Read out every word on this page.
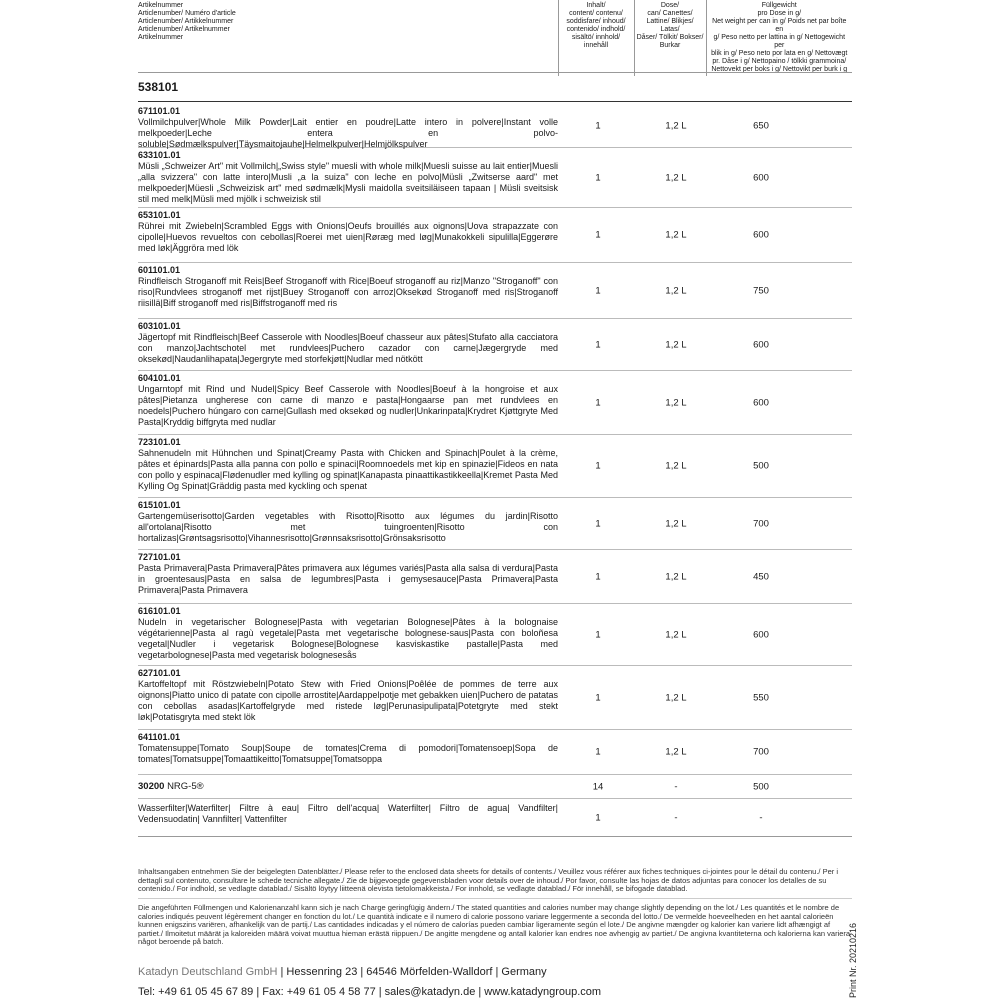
Artikelnummer
Articlenumber/ Numéro d'article
Articlenumber/ Artikkelnummer
Articlenumber/ Artikelnummer
Artikelnummer

Inhalt/
content/ contenu/
soddisfare/ inhoud/
contenido/ indhold/
sisältö/ innhold/ innehåll

Dose/
can/ Canettes/
Lattine/ Blikjes/ Latas/
Dåser/ Tölkit/ Bokser/
Burkar

Füllgewicht
pro Dose in g/
Net weight per can in g/ Poids net par boîte en
g/ Peso netto per lattina in g/ Nettogewicht per
blik in g/ Peso neto por lata en g/ Nettovægt
pr. Dåse i g/ Nettopaino / tölkki grammoina/
Nettovekt per boks i g/ Nettovikt per burk i g
538101
671101.01
Vollmilchpulver|Whole Milk Powder|Lait entier en poudre|Latte intero in polvere|Instant volle melkpoeder|Leche entera en polvo-soluble|Sødmælkspulver|Täysmaitojauhe|Helmelkpulver|Helmjölkspulver
1	1,2 L	650
633101.01
Müsli „Schweizer Art" mit Vollmilch|„Swiss style" muesli with whole milk|Muesli suisse au lait entier|Muesli „alla svizzera" con latte intero|Musli „a la suiza" con leche en polvo|Müsli „Zwitserse aard" met melkpoeder|Müesli „Schweizisk art" med sødmælk|Mysli maidolla sveitsiläiseen tapaan | Müsli sveitsisk stil med melk|Müsli med mjölk i schweizisk stil
1	1,2 L	600
653101.01
Rührei mit Zwiebeln|Scrambled Eggs with Onions|Oeufs brouillés aux oignons|Uova strapazzate con cipolle|Huevos revueltos con cebollas|Roerei met uien|Røræg med løg|Munakokkeli sipulilla|Eggerøre med løk|Äggröra med lök
1	1,2 L	600
601101.01
Rindfleisch Stroganoff mit Reis|Beef Stroganoff with Rice|Boeuf stroganoff au riz|Manzo "Stroganoff" con riso|Rundvlees stroganoff met rijst|Buey Stroganoff con arroz|Oksekød Stroganoff med ris|Stroganoff riisillä|Biff stroganoff med ris|Biffstroganoff med ris
1	1,2 L	750
603101.01
Jägertopf mit Rindfleisch|Beef Casserole with Noodles|Boeuf chasseur aux pâtes|Stufato alla cacciatora con manzo|Jachtschotel met rundvlees|Puchero cazador con carne|Jægergryde med oksekød|Naudanlihapata|Jegergryte med storfekjøtt|Nudlar med nötkött
1	1,2 L	600
604101.01
Ungarntopf mit Rind und Nudel|Spicy Beef Casserole with Noodles|Boeuf à la hongroise et aux pâtes|Pietanza ungherese con carne di manzo e pasta|Hongaarse pan met rundvlees en noedels|Puchero húngaro con carne|Gullash med oksekød og nudler|Unkarinpata|Krydret Kjøttgryte Med Pasta|Kryddig biffgryta med nudlar
1	1,2 L	600
723101.01
Sahnenudeln mit Hühnchen und Spinat|Creamy Pasta with Chicken and Spinach|Poulet à la crème, pâtes et épinards|Pasta alla panna con pollo e spinaci|Roomnoedels met kip en spinazie|Fideos en nata con pollo y espinaca|Flødenudler med kylling og spinat|Kanapasta pinaattikastikkeella|Kremet Pasta Med Kylling Og Spinat|Gräddig pasta med kyckling och spenat
1	1,2 L	500
615101.01
Gartengemüserisotto|Garden vegetables with Risotto|Risotto aux légumes du jardin|Risotto all'ortolana|Risotto met tuingroenten|Risotto con hortalizas|Grøntsagsrisotto|Vihannesrisotto|Grønnsaksrisotto|Grönsaksrisotto
1	1,2 L	700
727101.01
Pasta Primavera|Pasta Primavera|Pâtes primavera aux légumes variés|Pasta alla salsa di verdura|Pasta in groentesaus|Pasta en salsa de legumbres|Pasta i gemysesauce|Pasta Primavera|Pasta Primavera|Pasta Primavera
1	1,2 L	450
616101.01
Nudeln in vegetarischer Bolognese|Pasta with vegetarian Bolognese|Pâtes à la bolognaise végétarienne|Pasta al ragù vegetale|Pasta met vegetarische bolognese-saus|Pasta con boloñesa vegetal|Nudler i vegetarisk Bolognese|Bolognese kasviskastike pastalle|Pasta med vegetarbolognese|Pasta med vegetarisk bolognesesås
1	1,2 L	600
627101.01
Kartoffeltopf mit Röstzwiebeln|Potato Stew with Fried Onions|Poêlée de pommes de terre aux oignons|Piatto unico di patate con cipolle arrostite|Aardappelpotje met gebakken uien|Puchero de patatas con cebollas asadas|Kartoffelgryde med ristede løg|Perunasipulipata|Potetgryte med stekt løk|Potatisgryta med stekt lök
1	1,2 L	550
641101.01
Tomatensuppe|Tomato Soup|Soupe de tomates|Crema di pomodori|Tomatensoep|Sopa de tomates|Tomatsuppe|Tomaattikeitto|Tomatsuppe|Tomatsoppa
1	1,2 L	700
30200 NRG-5®	14	-	500
Wasserfilter|Waterfilter| Filtre à eau| Filtro dell'acqua| Waterfilter| Filtro de agua| Vandfilter| Vedensuodatin| Vannfilter| Vattenfilter	1	-	-
Inhaltsangaben entnehmen Sie der beigelegten Datenblätter./ Please refer to the enclosed data sheets for details of contents./ Veuillez vous référer aux fiches techniques ci-jointes pour le détail du contenu./ Per i dettagli sul contenuto, consultare le schede tecniche allegate./ Zie de bijgevoegde gegevensbladen voor details over de inhoud./ Por favor, consulte las hojas de datos adjuntas para conocer los detalles de su contenido./ For indhold, se vedlagte datablad./ Sisältö löytyy liitteenä olevista tietolomakkeista./ For innhold, se vedlagte datablad./ För innehåll, se bifogade datablad.
Die angeführten Füllmengen und Kalorienanzahl kann sich je nach Charge geringfügig ändern./ The stated quantities and calories number may change slightly depending on the lot./ Les quantités et le nombre de calories indiqués peuvent légèrement changer en fonction du lot./ Le quantità indicate e il numero di calorie possono variare leggermente a seconda del lotto./ De vermelde hoeveelheden en het aantal calorieën kunnen enigszins variëren, afhankelijk van de partij./ Las cantidades indicadas y el número de calorías pueden cambiar ligeramente según el lote./ De angivne mængder og kalorier kan variere lidt afhængigt af partiet./ Ilmoitetut määrät ja kaloreiden määrä voivat muuttua hieman erästä riippuen./ De angitte mengdene og antall kalorier kan endres noe avhengig av partiet./ De angivna kvantiteterna och kalorierna kan variera något beroende på batch.
Katadyn Deutschland GmbH | Hessenring 23 | 64546 Mörfelden-Walldorf | Germany
Tel: +49 61 05 45 67 89 | Fax: +49 61 05 4 58 77 | sales@katadyn.de | www.katadyngroup.com	Print Nr. 20210216
